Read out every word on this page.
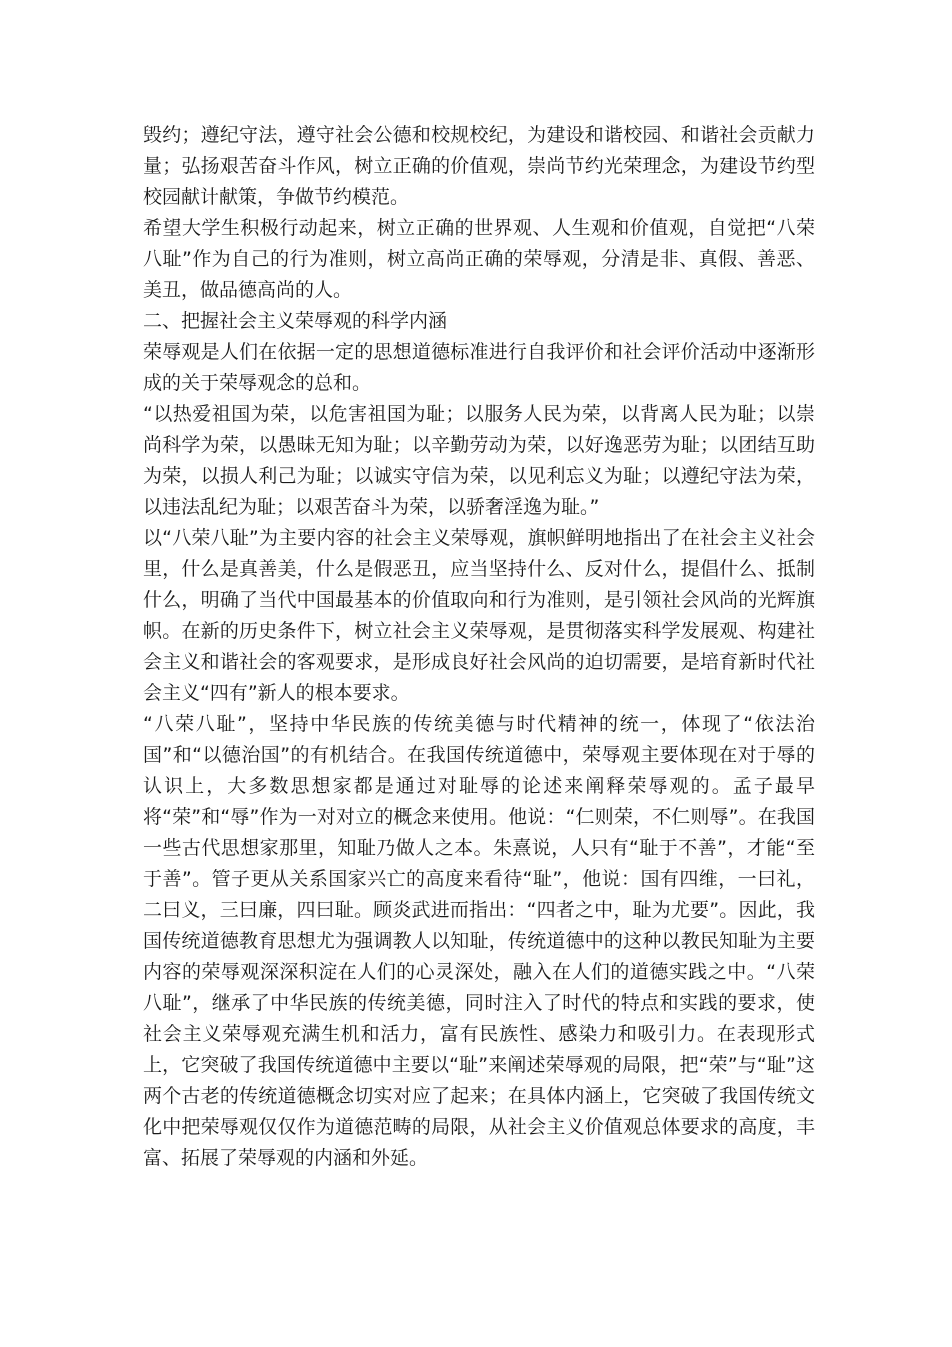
毁约；遵纪守法，遵守社会公德和校规校纪，为建设和谐校园、和谐社会贡献力量；弘扬艰苦奋斗作风，树立正确的价值观，崇尚节约光荣理念，为建设节约型校园献计献策，争做节约模范。

希望大学生积极行动起来，树立正确的世界观、人生观和价值观，自觉把“八荣八耻”作为自己的行为准则，树立高尚正确的荣辱观，分清是非、真假、善恶、美丑，做品德高尚的人。

二、把握社会主义荣辱观的科学内涵

荣辱观是人们在依据一定的思想道德标准进行自我评价和社会评价活动中逐渐形成的关于荣辱观念的总和。

“以热爱祖国为荣，以危害祖国为耻；以服务人民为荣，以背离人民为耻；以崇尚科学为荣，以愚昧无知为耻；以辛勤劳动为荣，以好逸恶劳为耻；以团结互助为荣，以损人利己为耻；以诚实守信为荣，以见利忘义为耻；以遵纪守法为荣，以违法乱纪为耻；以艰苦奋斗为荣，以骄奢淫逸为耻。”

以“八荣八耻”为主要内容的社会主义荣辱观，旗帜鲜明地指出了在社会主义社会里，什么是真善美，什么是假恶丑，应当坚持什么、反对什么，提倡什么、抵制什么，明确了当代中国最基本的价值取向和行为准则，是引领社会风尚的光辉旗帜。在新的历史条件下，树立社会主义荣辱观，是贯彻落实科学发展观、构建社会主义和谐社会的客观要求，是形成良好社会风尚的迫切需要，是培育新时代社会主义“四有”新人的根本要求。

“八荣八耻”，坚持中华民族的传统美德与时代精神的统一，体现了“依法治国”和“以德治国”的有机结合。在我国传统道德中，荣辱观主要体现在对于辱的认识上，大多数思想家都是通过对耻辱的论述来阐释荣辱观的。孟子最早将“荣”和“辱”作为一对对立的概念来使用。他说：“仁则荣，不仁则辱”。在我国一些古代思想家那里，知耻乃做人之本。朱熹说，人只有“耻于不善”，才能“至于善”。管子更从关系国家兴亡的高度来看待“耻”，他说：国有四维，一曰礼，二曰义，三曰廉，四曰耻。顾炎武进而指出：“四者之中，耻为尤要”。因此，我国传统道德教育思想尤为强调教人以知耻，传统道德中的这种以教民知耻为主要内容的荣辱观深深积淀在人们的心灵深处，融入在人们的道德实践之中。“八荣八耻”，继承了中华民族的传统美德，同时注入了时代的特点和实践的要求，使社会主义荣辱观充满生机和活力，富有民族性、感染力和吸引力。在表现形式上，它突破了我国传统道德中主要以“耻”来阐述荣辱观的局限，把“荣”与“耻”这两个古老的传统道德概念切实对应了起来；在具体内涵上，它突破了我国传统文化中把荣辱观仅仅作为道德范畴的局限，从社会主义价值观总体要求的高度，丰富、拓展了荣辱观的内涵和外延。
